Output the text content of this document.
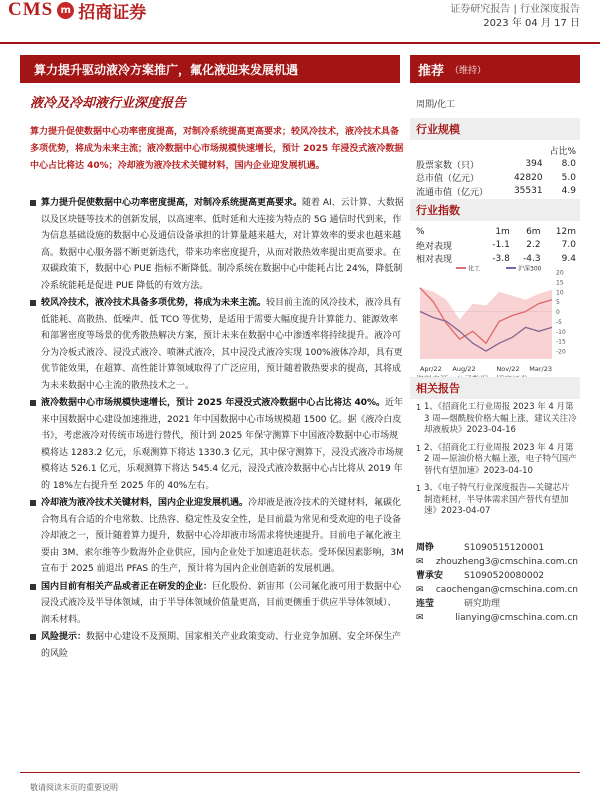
CMS m 招商证券	证券研究报告 | 行业深度报告
2023 年 04 月 17 日
算力提升驱动液冷方案推广，氟化液迎来发展机遇	推荐 （维持）
液冷及冷却液行业深度报告	周期/化工
算力提升促使数据中心功率密度提高，对制冷系统提高更高要求；较风冷技术，液冷技术具备多项优势，将成为未来主流；液冷数据中心市场规模快速增长，预计 2025 年浸没式液冷数据中心占比将达 40%；冷却液为液冷技术关键材料，国内企业迎发展机遇。
算力提升促使数据中心功率密度提高，对制冷系统提高更高要求。随着 AI、云计算、大数据以及区块链等技术的创新发展，以高速率、低时延和大连接为特点的 5G 通信时代到来，作为信息基础设施的数据中心及通信设备承担的计算量越来越大，对计算效率的要求也越来越高。数据中心服务器不断更新迭代，带来功率密度提升，从而对散热效率提出更高要求。在双碳政策下，数据中心 PUE 指标不断降低。制冷系统在数据中心中能耗占比 24%，降低制冷系统能耗是促进 PUE 降低的有效方法。
较风冷技术，液冷技术具备多项优势，将成为未来主流。较目前主流的风冷技术，液冷具有低能耗、高散热、低噪声、低 TCO 等优势，是适用于需要大幅度提升计算能力、能源效率和部署密度等场景的优秀散热解决方案，预计未来在数据中心中渗透率将持续提升。液冷可分为冷板式液冷、浸没式液冷、喷淋式液冷，其中浸没式液冷实现 100%液体冷却，具有更优节能效果，在超算、高性能计算领域取得了广泛应用，预计随着散热要求的提高，其将成为未来数据中心主流的散热技术之一。
液冷数据中心市场规模快速增长，预计 2025 年浸没式液冷数据中心占比将达 40%。近年来中国数据中心建设加速推进，2021 年中国数据中心市场规模超 1500 亿。据《液冷白皮书》，考虑液冷对传统市场进行替代，预计到 2025 年保守测算下中国液冷数据中心市场规模将达 1283.2 亿元，乐观测算下将达 1330.3 亿元，其中保守测算下，浸没式液冷市场规模将达 526.1 亿元，乐观测算下将达 545.4 亿元，浸没式液冷数据中心占比将从 2019 年的 18%左右提升至 2025 年的 40%左右。
冷却液为液冷技术关键材料，国内企业迎发展机遇。冷却液是液冷技术的关键材料，氟碳化合物具有合适的介电常数、比热容、稳定性及安全性，是目前最为常见和受欢迎的电子设备冷却液之一，预计随着算力提升，数据中心冷却液市场需求将快速提升。目前电子氟化液主要由 3M、索尔维等少数海外企业供应，国内企业处于加速追赶状态。受环保因素影响，3M 宣布于 2025 前退出 PFAS 的生产，预计将为国内企业创造新的发展机遇。
国内目前有相关产品或者正在研发的企业：巨化股份、新宙邦（公司氟化液可用于数据中心浸没式液冷及半导体领域，由于半导体领域价值量更高，目前更侧重于供应半导体领域）、润禾材料。
风险提示：数据中心建设不及预期、国家相关产业政策变动、行业竞争加剧、安全环保生产的风险
行业规模
		占比%
股票家数（只）	394	8.0
总市值（亿元）	42820	5.0
流通市值（亿元）	35531	4.9
行业指数
%	1m	6m	12m
绝对表现	-1.1	2.2	7.0
相对表现	-3.8	-4.3	9.4
20
15
10
5
0
-5
-10
-15
-20
化工	沪深300
Apr/22 Aug/22	Nov/22 Mar/23
相关报告
1 1、《招商化工行业周报 2023 年 4 月第 3 周—烟酰胺价格大幅上涨，建议关注冷却液板块》2023-04-16
1 2、《招商化工行业周报 2023 年 4 月第 2 周—原油价格大幅上涨，电子特气国产替代有望加速》2023-04-10
1 3、《电子特气行业深度报告—关键芯片制造耗材，半导体需求国产替代有望加速》2023-04-07
周铮	S1090515120001
✉	zhouzheng3@cmschina.com.cn
曹承安	S1090520080002
✉	caochengan@cmschina.com.cn
连莹	研究助理
✉	lianying@cmschina.com.cn
敬请阅读末页的重要说明
